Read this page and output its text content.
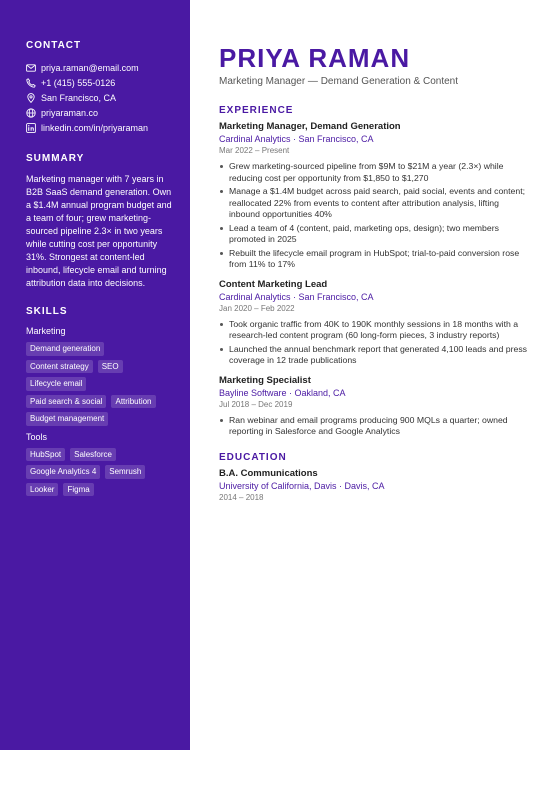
CONTACT
priya.raman@email.com
+1 (415) 555-0126
San Francisco, CA
priyaraman.co
linkedin.com/in/priyaraman
SUMMARY

Marketing manager with 7 years in B2B SaaS demand generation. Own a $1.4M annual program budget and a team of four; grew marketing-sourced pipeline 2.3× in two years while cutting cost per opportunity 31%. Strongest at content-led inbound, lifecycle email and turning attribution data into decisions.

SKILLS

Marketing

Demand generation
Content strategy	SEO
Lifecycle email
Paid search & social	Attribution
Budget management

Tools

HubSpot	Salesforce
Google Analytics 4	Semrush
Looker	Figma
PRIYA RAMAN

Marketing Manager — Demand Generation & Content

EXPERIENCE

Marketing Manager, Demand Generation

Cardinal Analytics · San Francisco, CA

Mar 2022 – Present

Grew marketing-sourced pipeline from $9M to $21M a year (2.3×) while reducing cost per opportunity from $1,850 to $1,270
Manage a $1.4M budget across paid search, paid social, events and content; reallocated 22% from events to content after attribution analysis, lifting inbound opportunities 40%
Lead a team of 4 (content, paid, marketing ops, design); two members promoted in 2025
Rebuilt the lifecycle email program in HubSpot; trial-to-paid conversion rose from 11% to 17%

Content Marketing Lead

Cardinal Analytics · San Francisco, CA

Jan 2020 – Feb 2022

Took organic traffic from 40K to 190K monthly sessions in 18 months with a research-led content program (60 long-form pieces, 3 industry reports)
Launched the annual benchmark report that generated 4,100 leads and press coverage in 12 trade publications

Marketing Specialist

Bayline Software · Oakland, CA

Jul 2018 – Dec 2019

Ran webinar and email programs producing 900 MQLs a quarter; owned reporting in Salesforce and Google Analytics
EDUCATION

B.A. Communications

University of California, Davis · Davis, CA

2014 – 2018
